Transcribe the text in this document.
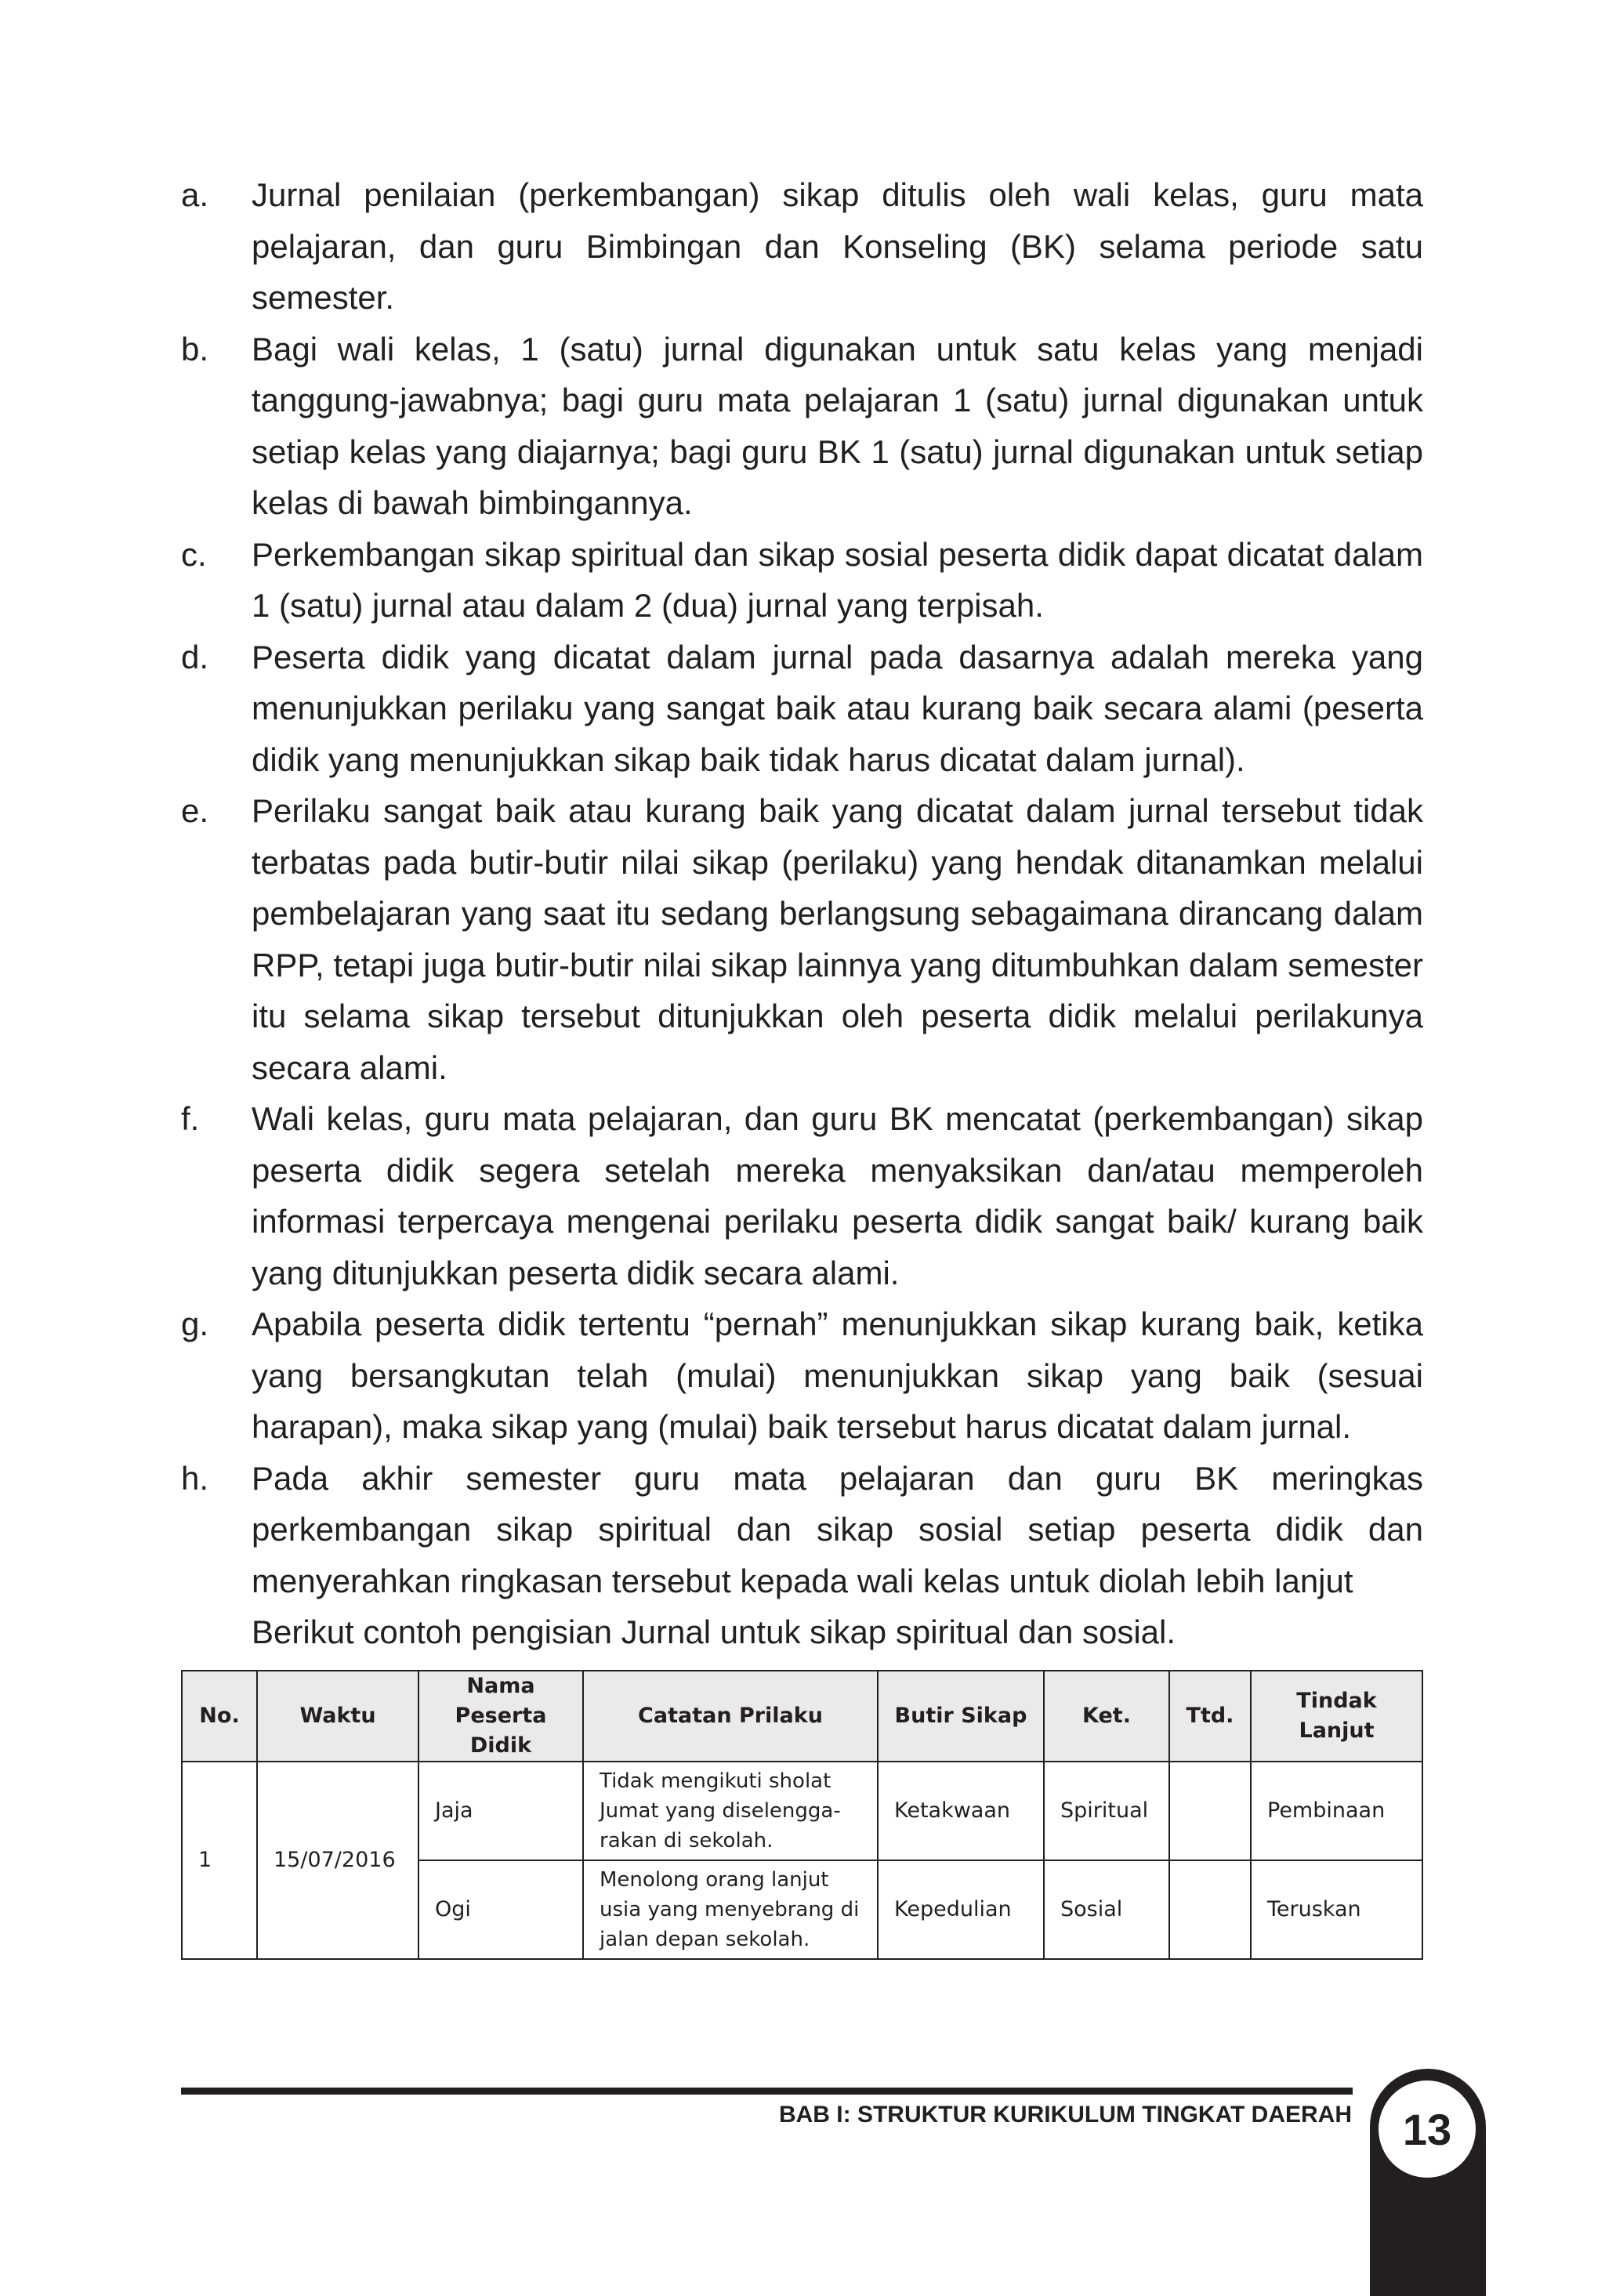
a.	Jurnal penilaian (perkembangan) sikap ditulis oleh wali kelas, guru mata pelajaran, dan guru Bimbingan dan Konseling (BK) selama periode satu semester.
b.	Bagi wali kelas, 1 (satu) jurnal digunakan untuk satu kelas yang menjadi tanggung-jawabnya; bagi guru mata pelajaran 1 (satu) jurnal digunakan untuk setiap kelas yang diajarnya; bagi guru BK 1 (satu) jurnal digunakan untuk setiap kelas di bawah bimbingannya.
c.	Perkembangan sikap spiritual dan sikap sosial peserta didik dapat dicatat dalam 1 (satu) jurnal atau dalam 2 (dua) jurnal yang terpisah.
d.	Peserta didik yang dicatat dalam jurnal pada dasarnya adalah mereka yang menunjukkan perilaku yang sangat baik atau kurang baik secara alami (peserta didik yang menunjukkan sikap baik tidak harus dicatat dalam jurnal).
e.	Perilaku sangat baik atau kurang baik yang dicatat dalam jurnal tersebut tidak terbatas pada butir-butir nilai sikap (perilaku) yang hendak ditanamkan melalui pembelajaran yang saat itu sedang berlangsung sebagaimana dirancang dalam RPP, tetapi juga butir-butir nilai sikap lainnya yang ditumbuhkan dalam semester itu selama sikap tersebut ditunjukkan oleh peserta didik melalui perilakunya secara alami.
f.	Wali kelas, guru mata pelajaran, dan guru BK mencatat (perkembangan) sikap peserta didik segera setelah mereka menyaksikan dan/atau memperoleh informasi terpercaya mengenai perilaku peserta didik sangat baik/ kurang baik yang ditunjukkan peserta didik secara alami.
g.	Apabila peserta didik tertentu “pernah” menunjukkan sikap kurang baik, ketika yang bersangkutan telah (mulai) menunjukkan sikap yang baik (sesuai harapan), maka sikap yang (mulai) baik tersebut harus dicatat dalam jurnal.
h.	Pada akhir semester guru mata pelajaran dan guru BK meringkas perkembangan sikap spiritual dan sikap sosial setiap peserta didik dan menyerahkan ringkasan tersebut kepada wali kelas untuk diolah lebih lanjut

Berikut contoh pengisian Jurnal untuk sikap spiritual dan sosial.

No.	Waktu	Nama Peserta Didik	Catatan Prilaku	Butir Sikap	Ket.	Ttd.	Tindak Lanjut
1	15/07/2016	Jaja	Tidak mengikuti sholat Jumat yang diselengga-rakan di sekolah.	Ketakwaan	Spiritual		Pembinaan
		Ogi	Menolong orang lanjut usia yang menyebrang di jalan depan sekolah.	Kepedulian	Sosial		Teruskan
BAB I: STRUKTUR KURIKULUM TINGKAT DAERAH	13
